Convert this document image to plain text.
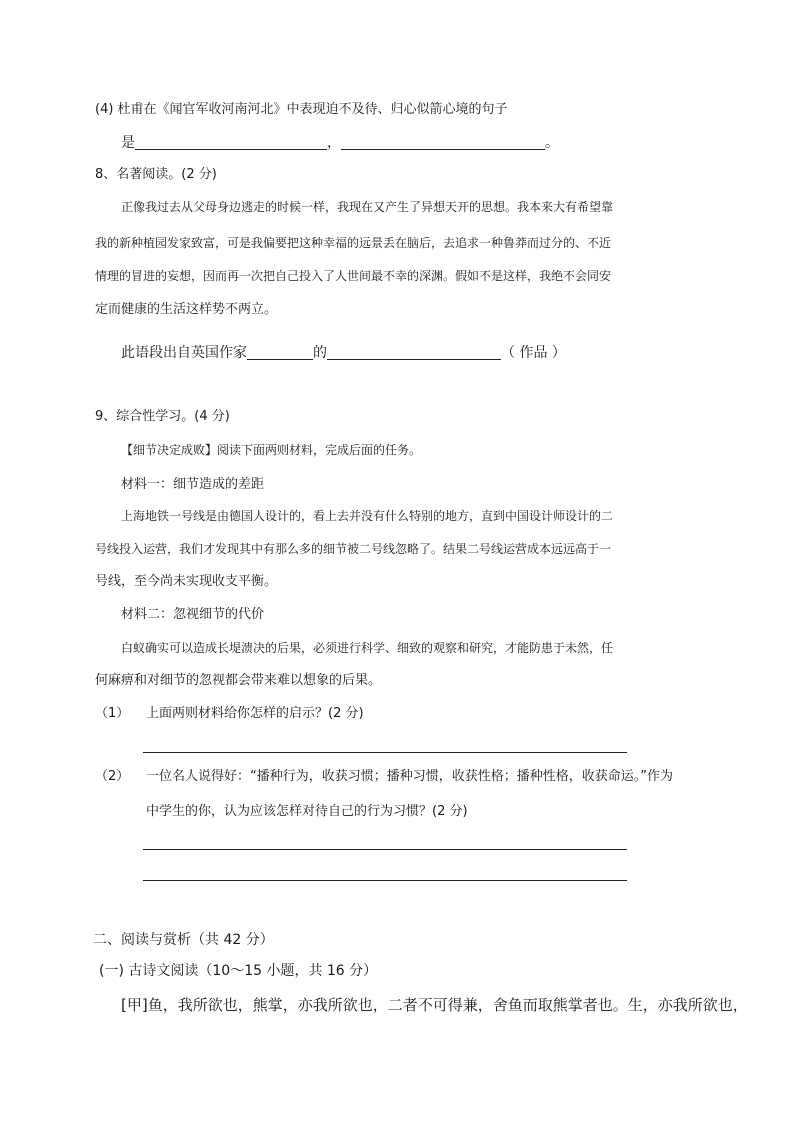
(4) 杜甫在《闻官军收河南河北》中表现迫不及待、归心似箭心境的句子
是	，	。
8、名著阅读。(2 分)
正像我过去从父母身边逃走的时候一样，我现在又产生了异想天开的思想。我本来大有希望靠
我的新种植园发家致富，可是我偏要把这种幸福的远景丢在脑后，去追求一种鲁莽而过分的、不近
情理的冒进的妄想，因而再一次把自己投入了人世间最不幸的深渊。假如不是这样，我绝不会同安
定而健康的生活这样势不两立。
此语段出自英国作家	的	（ 作品 ）
9、综合性学习。(4 分)
【细节决定成败】阅读下面两则材料，完成后面的任务。
材料一：细节造成的差距
上海地铁一号线是由德国人设计的，看上去并没有什么特别的地方，直到中国设计师设计的二
号线投入运营，我们才发现其中有那么多的细节被二号线忽略了。结果二号线运营成本远远高于一
号线，至今尚未实现收支平衡。
材料二：忽视细节的代价
白蚁确实可以造成长堤溃决的后果，必须进行科学、细致的观察和研究，才能防患于未然，任
何麻痹和对细节的忽视都会带来难以想象的后果。
（1） 上面两则材料给你怎样的启示？(2 分)
（2） 一位名人说得好：“播种行为，收获习惯；播种习惯，收获性格；播种性格，收获命运。”作为
中学生的你，认为应该怎样对待自己的行为习惯？(2 分)
二、阅读与赏析（共 42 分）
(一) 古诗文阅读（10～15 小题，共 16 分）
[甲]鱼，我所欲也，熊掌，亦我所欲也，二者不可得兼，舍鱼而取熊掌者也。生，亦我所欲也，
